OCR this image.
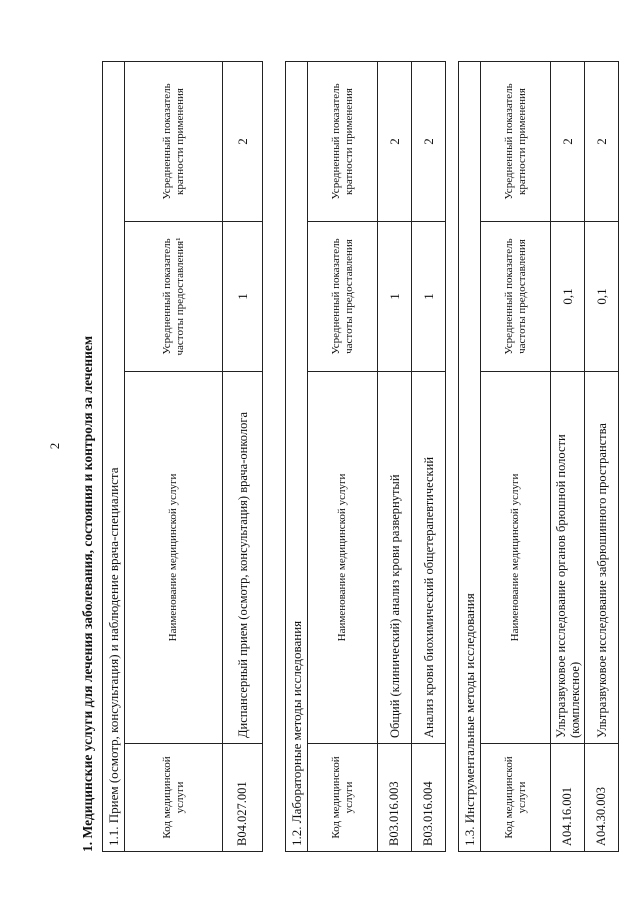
2 1. Медицинские услуги для лечения заболевания, состояния и контроля за лечением 1.1. Прием (осмотр, консультация) и наблюдение врача-специалиста			
Код медицинской услуги	Наименование медицинской услуги	Усредненный показатель частоты предоставления¹	Усредненный показатель кратности применения
B04.027.001	Диспансерный прием (осмотр, консультация) врача-онколога	1	2
1.2. Лабораторные методы исследования			
Код медицинской услуги	Наименование медицинской услуги	Усредненный показатель частоты предоставления	Усредненный показатель кратности применения
B03.016.003	Общий (клинический) анализ крови развернутый	1	2
B03.016.004	Анализ крови биохимический общетерапевтический	1	2
1.3. Инструментальные методы исследования			
Код медицинской услуги	Наименование медицинской услуги	Усредненный показатель частоты предоставления	Усредненный показатель кратности применения
A04.16.001	Ультразвуковое исследование органов брюшной полости (комплексное)	0,1	2
A04.30.003	Ультразвуковое исследование забрюшинного пространства	0,1	2
